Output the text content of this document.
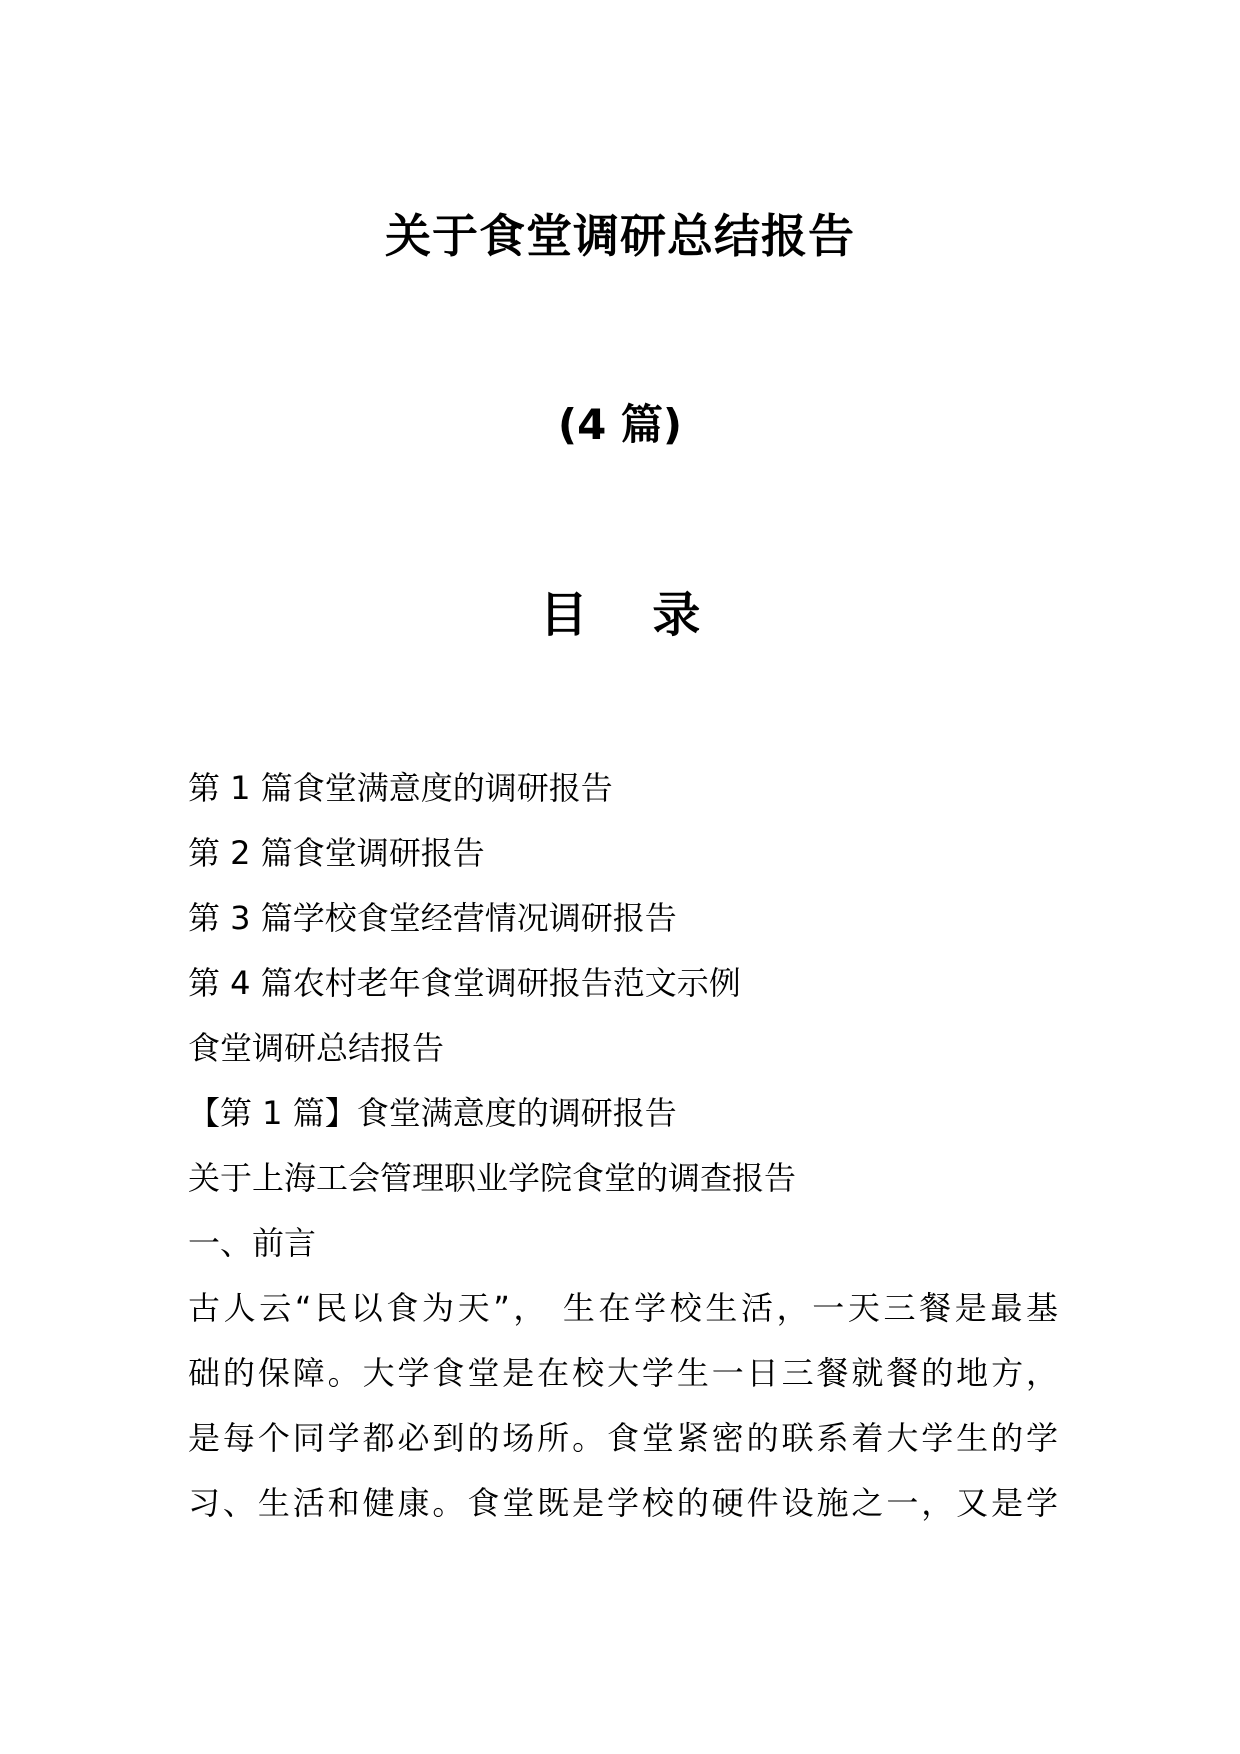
关于食堂调研总结报告
(4 篇)
目 录
第 1 篇食堂满意度的调研报告
第 2 篇食堂调研报告
第 3 篇学校食堂经营情况调研报告
第 4 篇农村老年食堂调研报告范文示例
食堂调研总结报告
【第 1 篇】食堂满意度的调研报告
关于上海工会管理职业学院食堂的调查报告
一、前言
古人云“民以食为天”， 生在学校生活，一天三餐是最基
础的保障。大学食堂是在校大学生一日三餐就餐的地方，
是每个同学都必到的场所。食堂紧密的联系着大学生的学
习、生活和健康。食堂既是学校的硬件设施之一，又是学
